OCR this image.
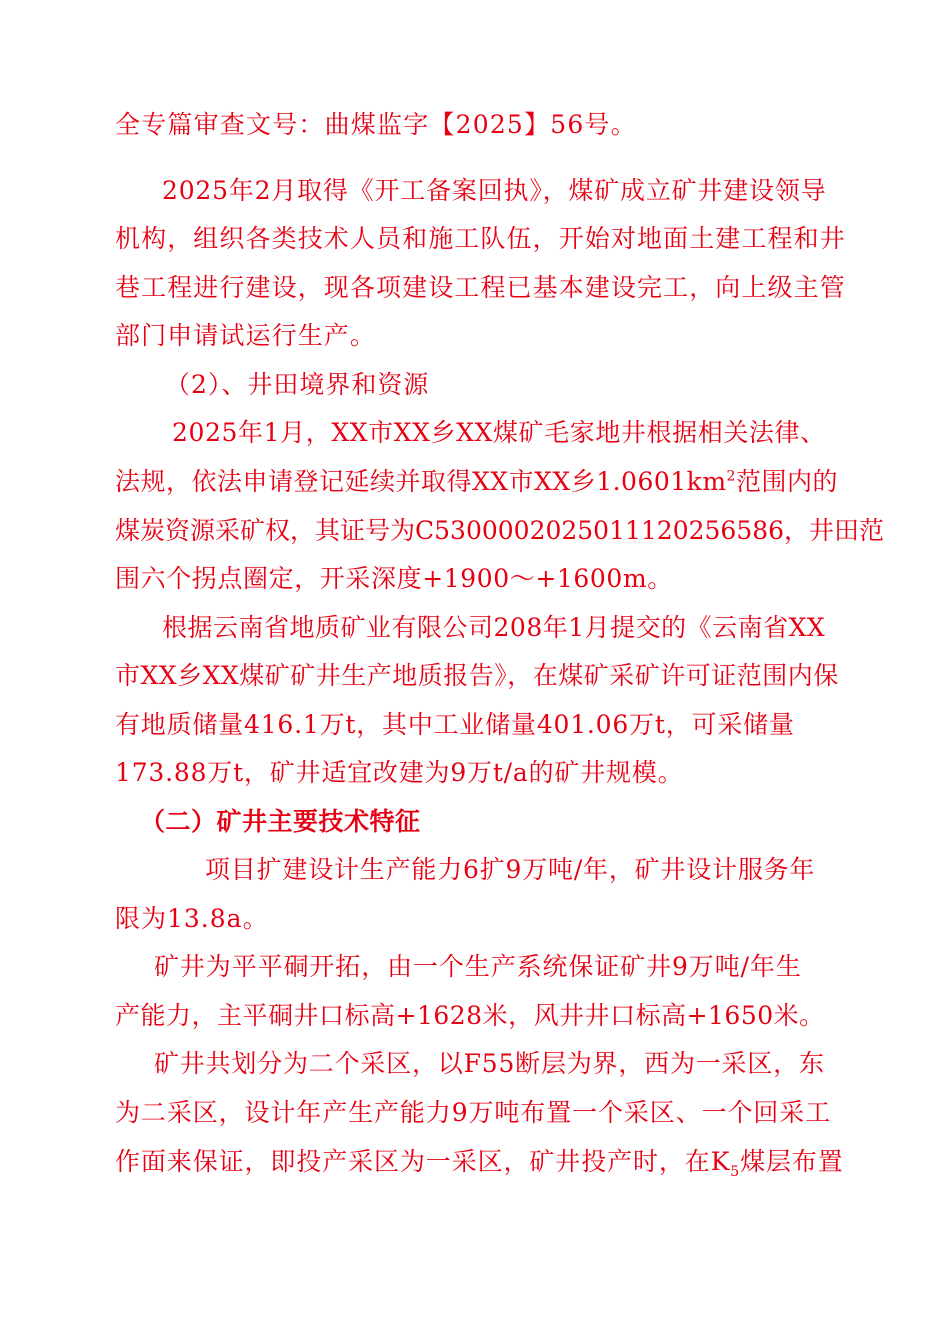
全专篇审查文号：曲煤监字【2025】56号。

2025年2月取得《开工备案回执》，煤矿成立矿井建设领导

机构，组织各类技术人员和施工队伍，开始对地面土建工程和井

巷工程进行建设，现各项建设工程已基本建设完工，向上级主管

部门申请试运行生产。

（2）、井田境界和资源

2025年1月，XX市XX乡XX煤矿毛家地井根据相关法律、

法规，依法申请登记延续并取得XX市XX乡$1.0601km^2$范围内的

煤炭资源采矿权，其证号为C5300002025011120256586，井田范

围六个拐点圈定，开采深度+1900～+1600m。

根据云南省地质矿业有限公司208年1月提交的《云南省XX

市XX乡XX煤矿矿井生产地质报告》，在煤矿采矿许可证范围内保

有地质储量416.1万t，其中工业储量401.06万t，可采储量

173.88万t，矿井适宜改建为9万t/a的矿井规模。

（二）矿井主要技术特征

项目扩建设计生产能力6扩9万吨/年，矿井设计服务年

限为13.8a。

矿井为平平硐开拓，由一个生产系统保证矿井9万吨/年生

产能力，主平硐井口标高+1628米，风井井口标高+1650米。

矿井共划分为二个采区，以F55断层为界，西为一采区，东

为二采区，设计年产生产能力9万吨布置一个采区、一个回采工

作面来保证，即投产采区为一采区，矿井投产时，在$K_5$煤层布置
